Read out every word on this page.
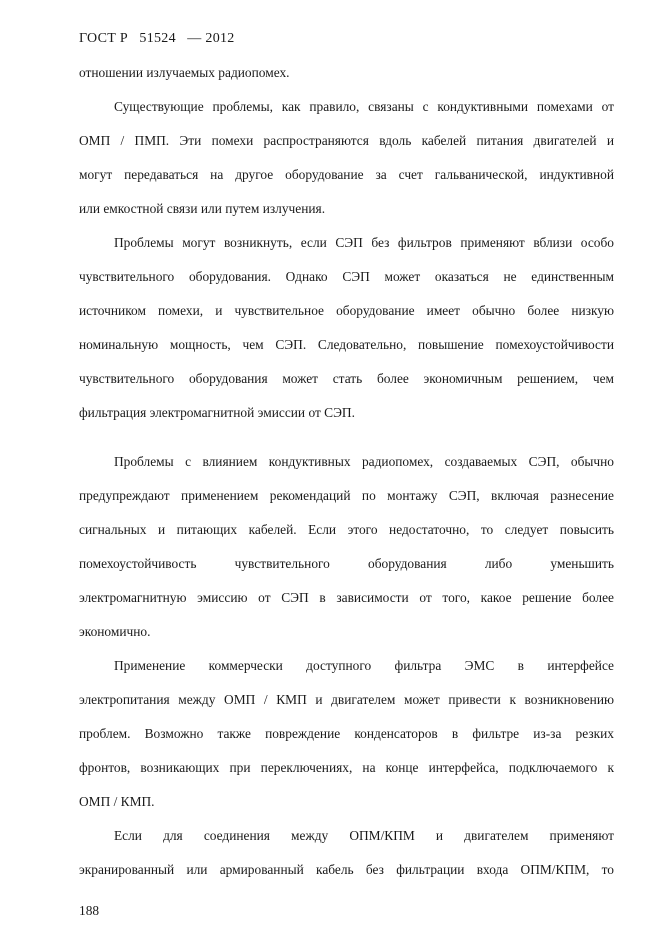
ГОСТ Р   51524   — 2012
отношении излучаемых радиопомех.
Существующие проблемы, как правило, связаны с кондуктивными помехами от
ОМП / ПМП. Эти помехи распространяются вдоль кабелей питания двигателей и
могут передаваться на другое оборудование за счет гальванической, индуктивной
или емкостной связи или путем излучения.
Проблемы могут возникнуть, если СЭП без фильтров применяют вблизи особо
чувствительного оборудования. Однако СЭП может оказаться не единственным
источником помехи, и чувствительное оборудование имеет обычно более низкую
номинальную мощность, чем СЭП. Следовательно, повышение помехоустойчивости
чувствительного оборудования может стать более экономичным решением, чем
фильтрация электромагнитной эмиссии от СЭП.
Проблемы с влиянием кондуктивных радиопомех, создаваемых СЭП, обычно
предупреждают применением рекомендаций по монтажу СЭП, включая разнесение
сигнальных и питающих кабелей. Если этого недостаточно, то следует повысить
помехоустойчивость чувствительного оборудования либо уменьшить
электромагнитную эмиссию от СЭП в зависимости от того, какое решение более
экономично.
Применение коммерчески доступного фильтра ЭМС в интерфейсе
электропитания между ОМП / КМП и двигателем может привести к возникновению
проблем. Возможно также повреждение конденсаторов в фильтре из-за резких
фронтов, возникающих при переключениях, на конце интерфейса, подключаемого к
ОМП / КМП.
Если для соединения между ОПМ/КПМ и двигателем применяют
экранированный или армированный кабель без фильтрации входа ОПМ/КПМ, то
188
